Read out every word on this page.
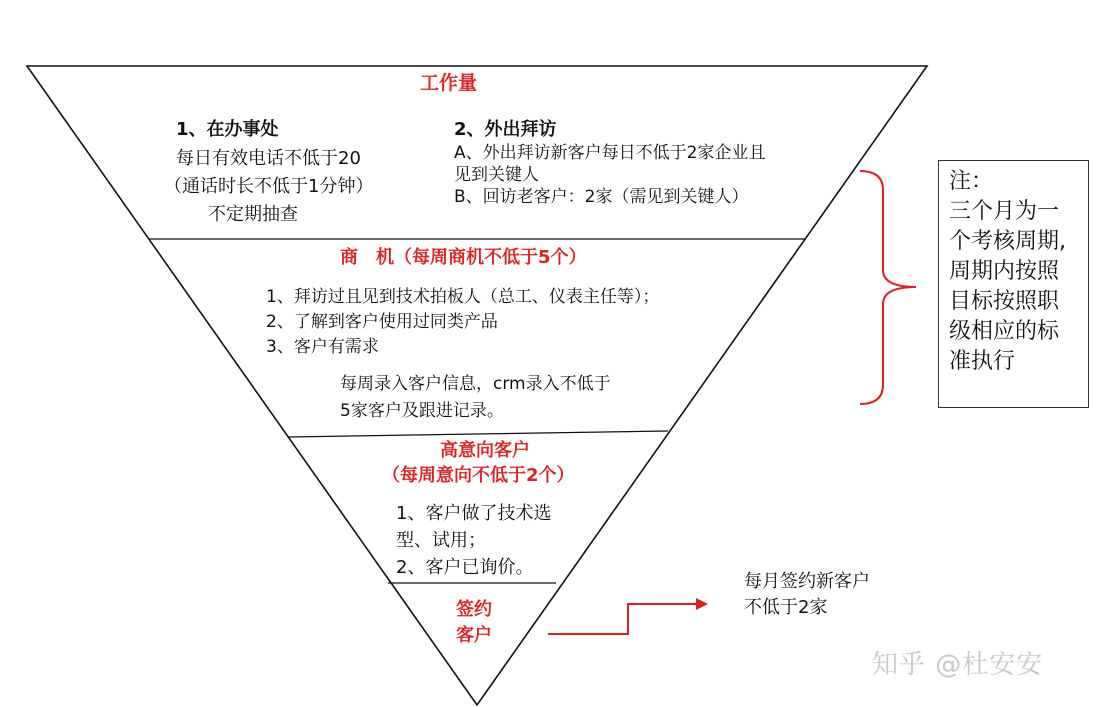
工作量
1、在办事处
每日有效电话不低于20
（通话时长不低于1分钟）
不定期抽查
2、外出拜访
A、外出拜访新客户每日不低于2家企业且
见到关键人
B、回访老客户：2家（需见到关键人）
商　机（每周商机不低于5个）
1、拜访过且见到技术拍板人（总工、仪表主任等）；
2、了解到客户使用过同类产品
3、客户有需求
每周录入客户信息，crm录入不低于
5家客户及跟进记录。
高意向客户
（每周意向不低于2个）
1、客户做了技术选
型、试用；
2、客户已询价。
签约
客户
每月签约新客户
不低于2家
注：
三个月为一
个考核周期,
周期内按照
目标按照职
级相应的标
准执行
知乎 @杜安安
